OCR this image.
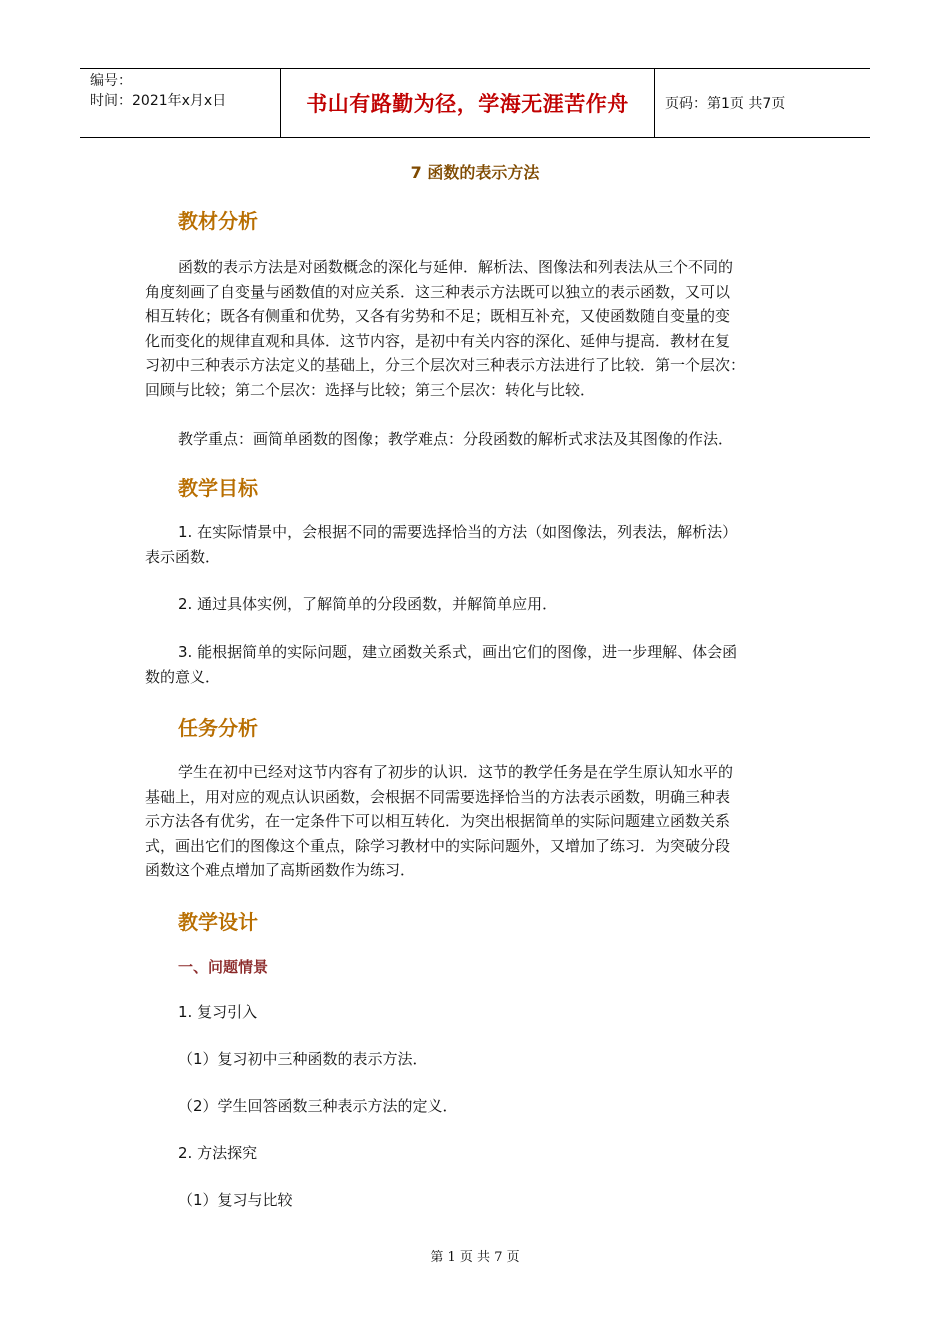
编号：
时间：2021年x月x日	书山有路勤为径，学海无涯苦作舟	页码：第1页 共7页
7 函数的表示方法
教材分析
函数的表示方法是对函数概念的深化与延伸．解析法、图像法和列表法从三个不同的
角度刻画了自变量与函数值的对应关系．这三种表示方法既可以独立的表示函数，又可以
相互转化；既各有侧重和优势，又各有劣势和不足；既相互补充，又使函数随自变量的变
化而变化的规律直观和具体．这节内容，是初中有关内容的深化、延伸与提高．教材在复
习初中三种表示方法定义的基础上，分三个层次对三种表示方法进行了比较．第一个层次：
回顾与比较；第二个层次：选择与比较；第三个层次：转化与比较．
教学重点：画简单函数的图像；教学难点：分段函数的解析式求法及其图像的作法．
教学目标
1. 在实际情景中，会根据不同的需要选择恰当的方法（如图像法，列表法，解析法）
表示函数．
2. 通过具体实例，了解简单的分段函数，并解简单应用．
3. 能根据简单的实际问题，建立函数关系式，画出它们的图像，进一步理解、体会函
数的意义．
任务分析
学生在初中已经对这节内容有了初步的认识．这节的教学任务是在学生原认知水平的
基础上，用对应的观点认识函数，会根据不同需要选择恰当的方法表示函数，明确三种表
示方法各有优劣，在一定条件下可以相互转化．为突出根据简单的实际问题建立函数关系
式，画出它们的图像这个重点，除学习教材中的实际问题外，又增加了练习．为突破分段
函数这个难点增加了高斯函数作为练习．
教学设计
一、问题情景
1. 复习引入
（1）复习初中三种函数的表示方法．
（2）学生回答函数三种表示方法的定义．
2. 方法探究
（1）复习与比较
第 1 页 共 7 页
